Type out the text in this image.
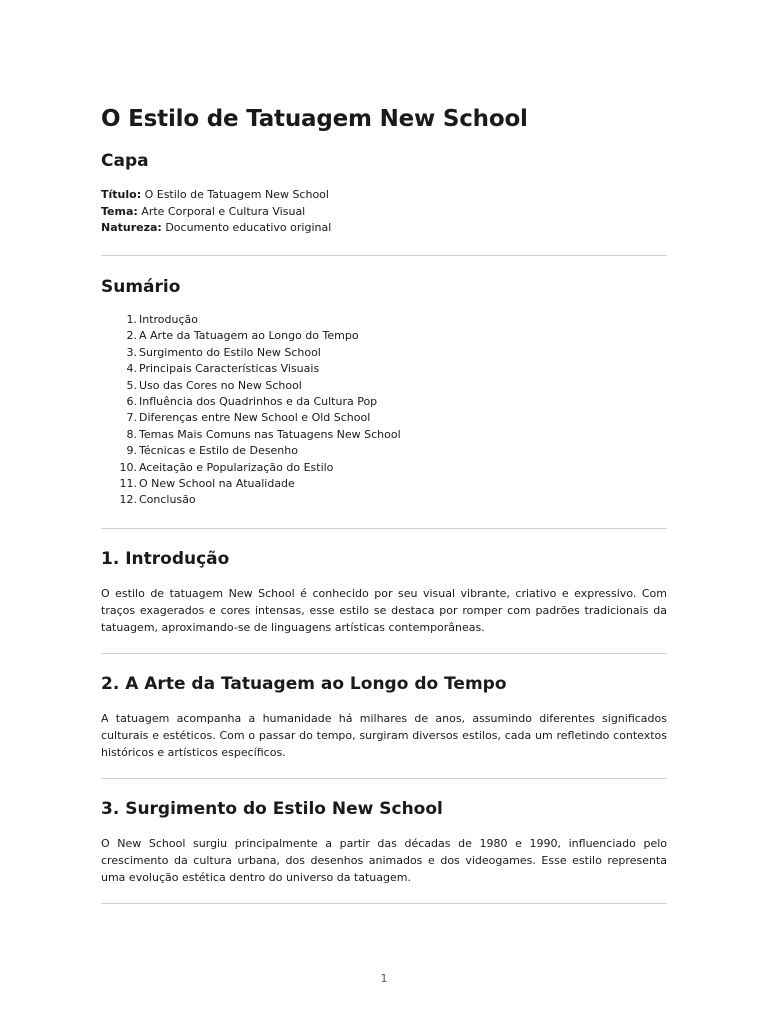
O Estilo de Tatuagem New School
Capa
Título: O Estilo de Tatuagem New School
Tema: Arte Corporal e Cultura Visual
Natureza: Documento educativo original
Sumário
1. Introdução
2. A Arte da Tatuagem ao Longo do Tempo
3. Surgimento do Estilo New School
4. Principais Características Visuais
5. Uso das Cores no New School
6. Influência dos Quadrinhos e da Cultura Pop
7. Diferenças entre New School e Old School
8. Temas Mais Comuns nas Tatuagens New School
9. Técnicas e Estilo de Desenho
10. Aceitação e Popularização do Estilo
11. O New School na Atualidade
12. Conclusão
1. Introdução

O estilo de tatuagem New School é conhecido por seu visual vibrante, criativo e expressivo. Com traços exagerados e cores intensas, esse estilo se destaca por romper com padrões tradicionais da tatuagem, aproximando-se de linguagens artísticas contemporâneas.

2. A Arte da Tatuagem ao Longo do Tempo

A tatuagem acompanha a humanidade há milhares de anos, assumindo diferentes significados culturais e estéticos. Com o passar do tempo, surgiram diversos estilos, cada um refletindo contextos históricos e artísticos específicos.

3. Surgimento do Estilo New School

O New School surgiu principalmente a partir das décadas de 1980 e 1990, influenciado pelo crescimento da cultura urbana, dos desenhos animados e dos videogames. Esse estilo representa uma evolução estética dentro do universo da tatuagem.

1
